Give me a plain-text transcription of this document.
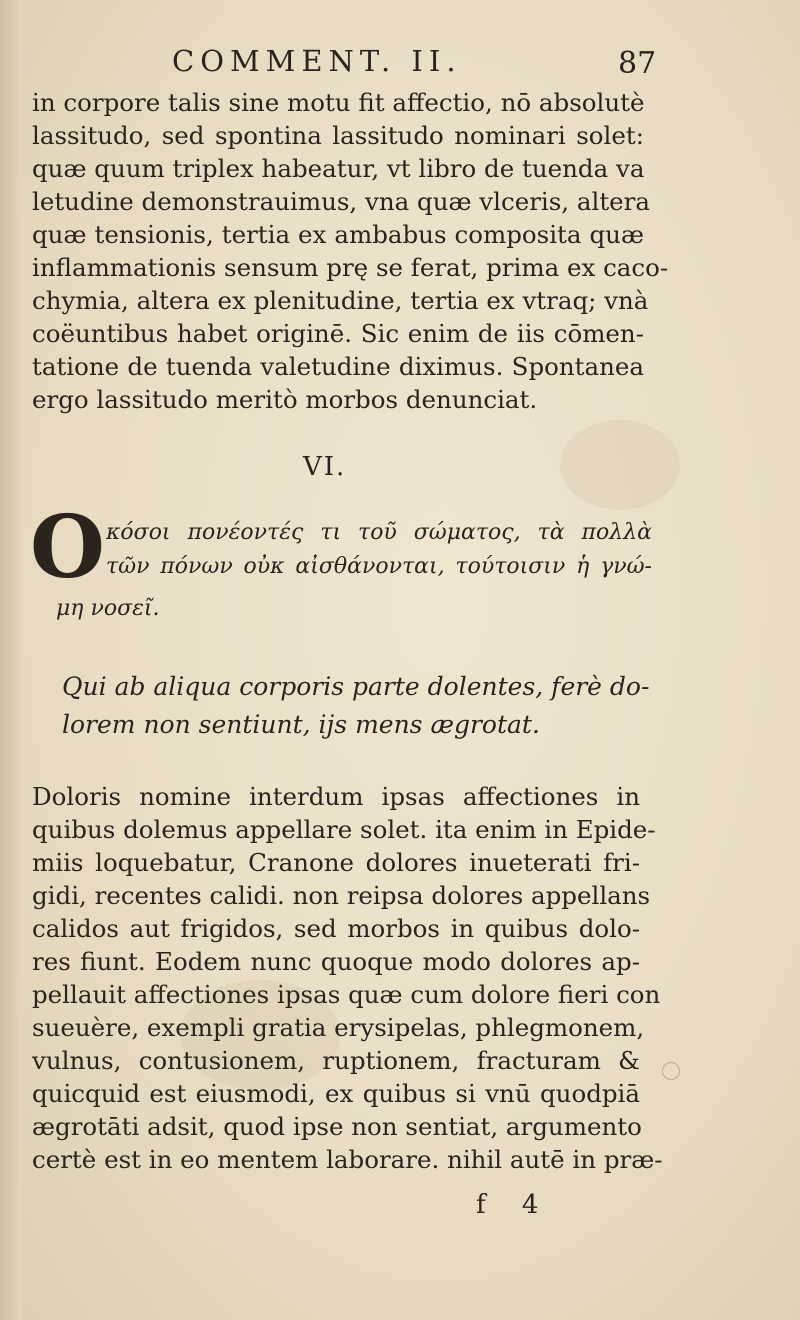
COMMENT. II.	87
in corpore talis sine motu fit affectio, nō absolutè
lassitudo, sed spontina lassitudo nominari solet:
quæ quum triplex habeatur, vt libro de tuenda va
letudine demonstrauimus, vna quæ vlceris, altera
quæ tensionis, tertia ex ambabus composita quæ
inflammationis sensum prę se ferat, prima ex caco-
chymia, altera ex plenitudine, tertia ex vtraq; vnà
coëuntibus habet originē. Sic enim de iis cōmen-
tatione de tuenda valetudine diximus. Spontanea
ergo lassitudo meritò morbos denunciat.
VI.
O κόσοι πονέοντές τι τοῦ σώματος, τὰ πολλὰ
τῶν πόνων οὐκ αἰσθάνονται, τούτοισιν ἡ γνώ-
μη νοσεῖ.
Qui ab aliqua corporis parte dolentes, ferè do-
lorem non sentiunt, ijs mens ægrotat.
Doloris nomine interdum ipsas affectiones in
quibus dolemus appellare solet. ita enim in Epide-
miis loquebatur, Cranone dolores inueterati fri-
gidi, recentes calidi. non reipsa dolores appellans
calidos aut frigidos, sed morbos in quibus dolo-
res fiunt. Eodem nunc quoque modo dolores ap-
pellauit affectiones ipsas quæ cum dolore fieri con
sueuère, exempli gratia erysipelas, phlegmonem,
vulnus, contusionem, ruptionem, fracturam &
quicquid est eiusmodi, ex quibus si vnū quodpiā
ægrotāti adsit, quod ipse non sentiat, argumento
certè est in eo mentem laborare. nihil autē in præ-
f 4
